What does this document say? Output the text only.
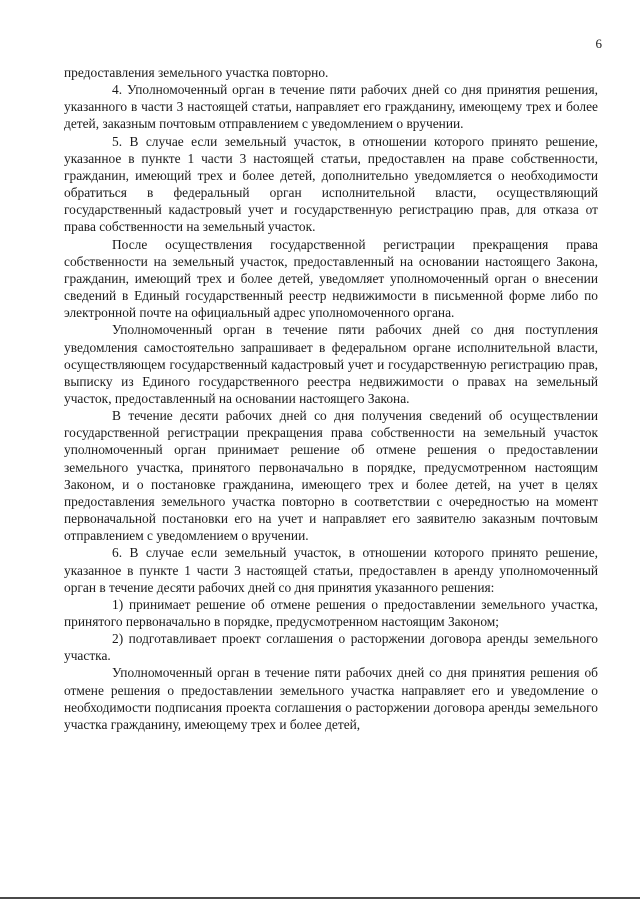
6

предоставления земельного участка повторно.

4. Уполномоченный орган в течение пяти рабочих дней со дня принятия решения, указанного в части 3 настоящей статьи, направляет его гражданину, имеющему трех и более детей, заказным почтовым отправлением с уведомлением о вручении.

5. В случае если земельный участок, в отношении которого принято решение, указанное в пункте 1 части 3 настоящей статьи, предоставлен на праве собственности, гражданин, имеющий трех и более детей, дополнительно уведомляется о необходимости обратиться в федеральный орган исполнительной власти, осуществляющий государственный кадастровый учет и государственную регистрацию прав, для отказа от права собственности на земельный участок.

После осуществления государственной регистрации прекращения права собственности на земельный участок, предоставленный на основании настоящего Закона, гражданин, имеющий трех и более детей, уведомляет уполномоченный орган о внесении сведений в Единый государственный реестр недвижимости в письменной форме либо по электронной почте на официальный адрес уполномоченного органа.

Уполномоченный орган в течение пяти рабочих дней со дня поступления уведомления самостоятельно запрашивает в федеральном органе исполнительной власти, осуществляющем государственный кадастровый учет и государственную регистрацию прав, выписку из Единого государственного реестра недвижимости о правах на земельный участок, предоставленный на основании настоящего Закона.

В течение десяти рабочих дней со дня получения сведений об осуществлении государственной регистрации прекращения права собственности на земельный участок уполномоченный орган принимает решение об отмене решения о предоставлении земельного участка, принятого первоначально в порядке, предусмотренном настоящим Законом, и о постановке гражданина, имеющего трех и более детей, на учет в целях предоставления земельного участка повторно в соответствии с очередностью на момент первоначальной постановки его на учет и направляет его заявителю заказным почтовым отправлением с уведомлением о вручении.

6. В случае если земельный участок, в отношении которого принято решение, указанное в пункте 1 части 3 настоящей статьи, предоставлен в аренду уполномоченный орган в течение десяти рабочих дней со дня принятия указанного решения:

1) принимает решение об отмене решения о предоставлении земельного участка, принятого первоначально в порядке, предусмотренном настоящим Законом;

2) подготавливает проект соглашения о расторжении договора аренды земельного участка.

Уполномоченный орган в течение пяти рабочих дней со дня принятия решения об отмене решения о предоставлении земельного участка направляет его и уведомление о необходимости подписания проекта соглашения о расторжении договора аренды земельного участка гражданину, имеющему трех и более детей,
